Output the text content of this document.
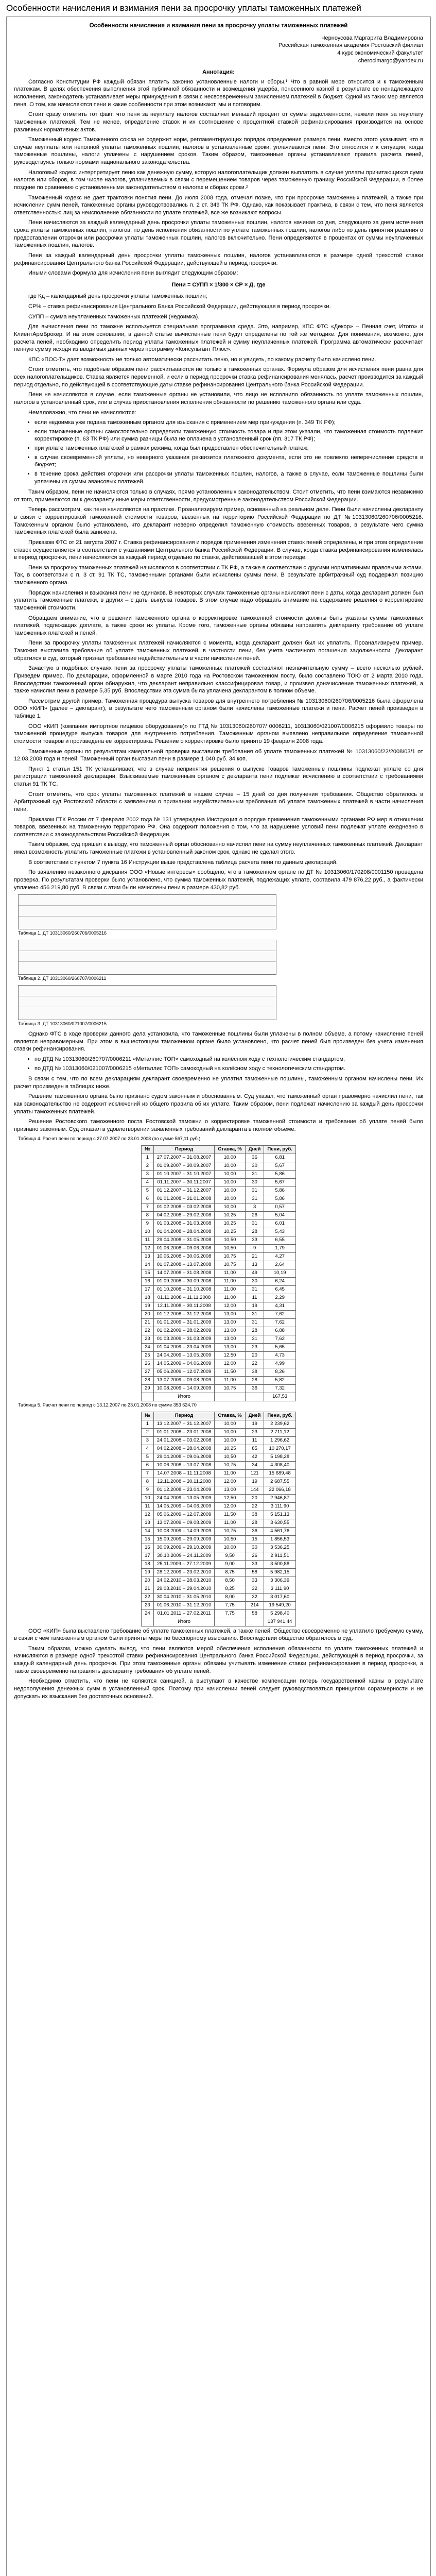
Особенности начисления и взимания пени за просрочку уплаты таможенных платежей
Особенности начисления и взимания пени за просрочку уплаты таможенных платежей

Черноусова Маргарита Владимировна

Российская таможенная академия Ростовский филиал

4 курс экономический факультет

cherocimargo@yandex.ru

Аннотация:

Согласно Конституции РФ каждый обязан платить законно установленные налоги и сборы.¹ Что в равной мере относится и к таможенным платежам. В целях обеспечения выполнения этой публичной обязанности и возмещения ущерба, понесенного казной в результате ее ненадлежащего исполнения, законодатель устанавливает меры принуждения в связи с несвоевременным зачислением платежей в бюджет. Одной из таких мер является пеня. О том, как начисляются пени и какие особенности при этом возникают, мы и поговорим.

Стоит сразу отметить тот факт, что пеня за неуплату налогов составляет меньший процент от суммы задолженности, нежели пеня за неуплату таможенных платежей. Тем не менее, определение ставок и их соотношение с процентной ставкой рефинансирования производится на основе различных нормативных актов.

Таможенный кодекс Таможенного союза не содержит норм, регламентирующих порядок определения размера пени, вместо этого указывает, что в случае неуплаты или неполной уплаты таможенных пошлин, налогов в установленные сроки, уплачиваются пени. Это относится и к ситуации, когда таможенные пошлины, налоги уплачены с нарушением сроков. Таким образом, таможенные органы устанавливают правила расчета пеней, руководствуясь только нормами национального законодательства.

Налоговый кодекс интерпретирует пеню как денежную сумму, которую налогоплательщик должен выплатить в случае уплаты причитающихся сумм налогов или сборов, в том числе налогов, уплачиваемых в связи с перемещением товаров через таможенную границу Российской Федерации, в более поздние по сравнению с установленными законодательством о налогах и сборах сроки.²

Таможенный кодекс не дает трактовки понятия пени. До июля 2008 года, отмечал позже, что при просрочке таможенных платежей, а также при исчислении сумм пеней, таможенные органы руководствовались п. 2 ст. 349 ТК РФ. Однако, как показывает практика, в связи с тем, что пеня является ответственностью лиц за неисполнение обязанности по уплате платежей, все же возникают вопросы.

Пени начисляются за каждый календарный день просрочки уплаты таможенных пошлин, налогов начиная со дня, следующего за днем истечения срока уплаты таможенных пошлин, налогов, по день исполнения обязанности по уплате таможенных пошлин, налогов либо по день принятия решения о предоставлении отсрочки или рассрочки уплаты таможенных пошлин, налогов включительно. Пени определяются в процентах от суммы неуплаченных таможенных пошлин, налогов.

Пени за каждый календарный день просрочки уплаты таможенных пошлин, налогов устанавливаются в размере одной трехсотой ставки рефинансирования Центрального банка Российской Федерации, действующей в период просрочки.

Иными словами формула для исчисления пени выглядит следующим образом:

Пени = СУПП × 1/300 × СР × Д, где

где Кд – календарный день просрочки уплаты таможенных пошлин;

СР% – ставка рефинансирования Центрального Банка Российской Федерации, действующая в период просрочки.

СУПП – сумма неуплаченных таможенных платежей (недоимка).

Для вычисления пени по таможне используется специальная программная среда. Это, например, КПС ФТС «Декор» – Пенная счет, Итого» и КлиентАрмБрокер. И на этом основании, в данной статье вычисленные пени будут определены по той же методике. Для понимания, возможно, для расчета пеней, необходимо определить период уплаты таможенных платежей и сумму неуплаченных платежей. Программа автоматически рассчитает пенную сумму исходя из вводимых данных через программу «Консультант Плюс».

КПС «ПОС-Т» дает возможность не только автоматически рассчитать пеню, но и увидеть, по какому расчету было начислено пени.

Стоит отметить, что подобные образом пени рассчитываются не только в таможенных органах. Формула образом для исчисления пени равна для всех налогоплательщиков. Ставка является переменной, и если в период просрочки ставка рефинансирования менялась, расчет производится за каждый период отдельно, по действующей в соответствующие даты ставке рефинансирования Центрального банка Российской Федерации.

Пени не начисляются в случае, если таможенные органы не установили, что лицо не исполнило обязанность по уплате таможенных пошлин, налогов в установленный срок, или в случае приостановления исполнения обязанности по решению таможенного органа или суда.

Немаловажно, что пени не начисляются:

• если недоимка уже подана таможенным органом для взыскания с применением мер принуждения (п. 349 ТК РФ);
• если таможенные органы самостоятельно определили таможенную стоимость товара и при этом указали, что таможенная стоимость подлежит корректировке (п. 63 ТК РФ) или сумма разницы была не оплачена в установленный срок (пп. 317 ТК РФ);
• при уплате таможенных платежей в рамках режима, когда был предоставлен обеспечительный платеж;
• в случае своевременной уплаты, но неверного указания реквизитов платежного документа, если это не повлекло неперечисление средств в бюджет;
• в течение срока действия отсрочки или рассрочки уплаты таможенных пошлин, налогов, а также в случае, если таможенные пошлины были уплачены из суммы авансовых платежей.

Таким образом, пени не начисляются только в случаях, прямо установленных законодательством. Стоит отметить, что пени взимаются независимо от того, применяются ли к декларанту иные меры ответственности, предусмотренные законодательством Российской Федерации.

Теперь рассмотрим, как пени начисляются на практике. Проанализируем пример, основанный на реальном деле. Пени были начислены декларанту в связи с корректировкой таможенной стоимости товаров, ввезенных на территорию Российской Федерации по ДТ №10313060/260706/0005216. Таможенным органом было установлено, что декларант неверно определил таможенную стоимость ввезенных товаров, в результате чего сумма таможенных платежей была занижена.

Приказом ФТС от 21 августа 2007 г. Ставка рефинансирования и порядок применения изменения ставок пеней определены, и при этом определение ставок осуществляется в соответствии с указаниями Центрального банка Российской Федерации. В случае, когда ставка рефинансирования изменялась в период просрочки, пени начисляются за каждый период отдельно по ставке, действовавшей в этом периоде.

Пени за просрочку таможенных платежей начисляются в соответствии с ТК РФ, а также в соответствии с другими нормативными правовыми актами. Так, в соответствии с п. 3 ст. 91 ТК ТС, таможенными органами были исчислены суммы пени. В результате арбитражный суд поддержал позицию таможенного органа.

Порядок начисления и взыскания пени не одинаков. В некоторых случаях таможенные органы начисляют пени с даты, когда декларант должен был уплатить таможенные платежи, в других – с даты выпуска товаров. В этом случае надо обращать внимание на содержание решения о корректировке таможенной стоимости.

Обращаем внимание, что в решении таможенного органа о корректировке таможенной стоимости должны быть указаны суммы таможенных платежей, подлежащих доплате, а также сроки их уплаты. Кроме того, таможенные органы обязаны направлять декларанту требование об уплате таможенных платежей и пеней.

Пени за просрочку уплаты таможенных платежей начисляются с момента, когда декларант должен был их уплатить. Проанализируем пример. Таможня выставила требование об уплате таможенных платежей, в частности пени, без учета частичного погашения задолженности. Декларант обратился в суд, который признал требование недействительным в части начисления пеней.

Зачастую в подобных случаях пени за просрочку уплаты таможенных платежей составляют незначительную сумму – всего несколько рублей. Приведем пример. По декларации, оформленной в марте 2010 года на Ростовском таможенном посту, было составлено ТОЮ от 2 марта 2010 года. Впоследствии таможенный орган обнаружил, что декларант неправильно классифицировал товар, и произвел доначисление таможенных платежей, а также начислил пени в размере 5,35 руб. Впоследствии эта сумма была уплачена декларантом в полном объеме.

Рассмотрим другой пример. Таможенная процедура выпуска товаров для внутреннего потребления № 10313060/260706/0005216 была оформлена ООО «КИП» (далее – декларант), в результате чего таможенным органом были начислены таможенные платежи и пени. Расчет пеней произведен в таблице 1.

ООО «КИП (компания импортное пищевое оборудование)» по ГТД № 10313060/260707/ 0006211, 10313060/021007/0006215 оформило товары по таможенной процедуре выпуска товаров для внутреннего потребления. Таможенным органом выявлено неправильное определение таможенной стоимости товаров и произведена ее корректировка. Решение о корректировке было принято 19 февраля 2008 года.

Таможенные органы по результатам камеральной проверки выставили требования об уплате таможенных платежей № 10313060/22/2008/03/1 от 12.03.2008 года и пеней. Таможенный орган выставил пени в размере 1 040 руб. 34 коп.

Пункт 1 статьи 151 ТК устанавливает, что в случае непринятия решения о выпуске товаров таможенные пошлины подлежат уплате со дня регистрации таможенной декларации. Взыскиваемые таможенным органом с декларанта пени подлежат исчислению в соответствии с требованиями статьи 91 ТК ТС.

Стоит отметить, что срок уплаты таможенных платежей в нашем случае – 15 дней со дня получения требования. Общество обратилось в Арбитражный суд Ростовской области с заявлением о признании недействительным требования об уплате таможенных платежей в части начисления пени.

Приказом ГТК России от 7 февраля 2002 года № 131 утверждена Инструкция о порядке применения таможенными органами РФ мер в отношении товаров, ввезенных на таможенную территорию РФ. Она содержит положения о том, что за нарушение условий пени подлежат уплате ежедневно в соответствии с законодательством Российской Федерации.

Таким образом, суд пришел к выводу, что таможенный орган обоснованно начислил пени на сумму неуплаченных таможенных платежей. Декларант имел возможность уплатить таможенные платежи в установленный законом срок, однако не сделал этого.

В соответствии с пунктом 7 пункта 16 Инструкции выше представлена таблица расчета пени по данным деклараций.

По заявлению незаконного дисрания ООО «Новые интересы» сообщено, что в таможенном органе по ДТ № 10313060/170208/0001150 проведена проверка. По результатам проверки было установлено, что сумма таможенных платежей, подлежащих уплате, составила 479 876,22 руб., а фактически уплачено 456 219,80 руб. В связи с этим были начислены пени в размере 430,82 руб.

Таблица 1. ДТ 10313060/260706/0005216

Таблица 2. ДТ 10313060/260707/0006211

Таблица 3. ДТ 10313060/021007/0006215

Однако ФТС в ходе проверки данного дела установила, что таможенные пошлины были уплачены в полном объеме, а потому начисление пеней является неправомерным. При этом в вышестоящем таможенном органе было установлено, что расчет пеней был произведен без учета изменения ставки рефинансирования.

• по ДТД № 10313060/260707/0006211 «Металлис ТОП» самоходный на колёсном ходу с технологическим стандартом;
• по ДТД № 10313060/021007/0006215 «Металлис ТОП» самоходный на колёсном ходу с технологическим стандартом.

В связи с тем, что по всем декларациям декларант своевременно не уплатил таможенные пошлины, таможенным органом начислены пени. Их расчет произведен в таблицах ниже.

Решение таможенного органа было признано судом законным и обоснованным. Суд указал, что таможенный орган правомерно начислил пени, так как законодательство не содержит исключений из общего правила об их уплате. Таким образом, пени подлежат начислению за каждый день просрочки уплаты таможенных платежей.

Решение Ростовского таможенного поста Ростовской таможни о корректировке таможенной стоимости и требование об уплате пеней было признано законным. Суд отказал в удовлетворении заявленных требований декларанта в полном объеме.

Таблица 4. Расчет пени по период с 27.07.2007 по 23.01.2008 (по сумме 567,11 руб.)

№	Период	Ставка, %	Дней	Пени, руб.
1	27.07.2007 – 31.08.2007	10,00	36	6,81
2	01.09.2007 – 30.09.2007	10,00	30	5,67
3	01.10.2007 – 31.10.2007	10,00	31	5,86
4	01.11.2007 – 30.11.2007	10,00	30	5,67
5	01.12.2007 – 31.12.2007	10,00	31	5,86
6	01.01.2008 – 31.01.2008	10,00	31	5,86
7	01.02.2008 – 03.02.2008	10,00	3	0,57
8	04.02.2008 – 29.02.2008	10,25	26	5,04
9	01.03.2008 – 31.03.2008	10,25	31	6,01
10	01.04.2008 – 28.04.2008	10,25	28	5,43
11	29.04.2008 – 31.05.2008	10,50	33	6,55
12	01.06.2008 – 09.06.2008	10,50	9	1,79
13	10.06.2008 – 30.06.2008	10,75	21	4,27
14	01.07.2008 – 13.07.2008	10,75	13	2,64
15	14.07.2008 – 31.08.2008	11,00	49	10,19
16	01.09.2008 – 30.09.2008	11,00	30	6,24
17	01.10.2008 – 31.10.2008	11,00	31	6,45
18	01.11.2008 – 11.11.2008	11,00	11	2,29
19	12.11.2008 – 30.11.2008	12,00	19	4,31
20	01.12.2008 – 31.12.2008	13,00	31	7,62
21	01.01.2009 – 31.01.2009	13,00	31	7,62
22	01.02.2009 – 28.02.2009	13,00	28	6,88
23	01.03.2009 – 31.03.2009	13,00	31	7,62
24	01.04.2009 – 23.04.2009	13,00	23	5,65
25	24.04.2009 – 13.05.2009	12,50	20	4,73
26	14.05.2009 – 04.06.2009	12,00	22	4,99
27	05.06.2009 – 12.07.2009	11,50	38	8,26
28	13.07.2009 – 09.08.2009	11,00	28	5,82
29	10.08.2009 – 14.09.2009	10,75	36	7,32
	Итого			167,53

Таблица 5. Расчет пени по период с 13.12.2007 по 23.01.2008 по сумме 353 624,70

№	Период	Ставка, %	Дней	Пени, руб.
1	13.12.2007 – 31.12.2007	10,00	19	2 239,62
2	01.01.2008 – 23.01.2008	10,00	23	2 711,12
3	24.01.2008 – 03.02.2008	10,00	11	1 296,62
4	04.02.2008 – 28.04.2008	10,25	85	10 270,17
5	29.04.2008 – 09.06.2008	10,50	42	5 198,28
6	10.06.2008 – 13.07.2008	10,75	34	4 308,40
7	14.07.2008 – 11.11.2008	11,00	121	15 689,48
8	12.11.2008 – 30.11.2008	12,00	19	2 687,55
9	01.12.2008 – 23.04.2009	13,00	144	22 066,18
10	24.04.2009 – 13.05.2009	12,50	20	2 946,87
11	14.05.2009 – 04.06.2009	12,00	22	3 111,90
12	05.06.2009 – 12.07.2009	11,50	38	5 151,13
13	13.07.2009 – 09.08.2009	11,00	28	3 630,55
14	10.08.2009 – 14.09.2009	10,75	36	4 561,76
15	15.09.2009 – 29.09.2009	10,50	15	1 856,53
16	30.09.2009 – 29.10.2009	10,00	30	3 536,25
17	30.10.2009 – 24.11.2009	9,50	26	2 911,51
18	25.11.2009 – 27.12.2009	9,00	33	3 500,88
19	28.12.2009 – 23.02.2010	8,75	58	5 982,15
20	24.02.2010 – 28.03.2010	8,50	33	3 306,39
21	29.03.2010 – 29.04.2010	8,25	32	3 111,90
22	30.04.2010 – 31.05.2010	8,00	32	3 017,60
23	01.06.2010 – 31.12.2010	7,75	214	19 549,20
24	01.01.2011 – 27.02.2011	7,75	58	5 298,40
	Итого			137 941,44

ООО «КИП» была выставлено требование об уплате таможенных платежей, а также пеней. Общество своевременно не уплатило требуемую сумму, в связи с чем таможенным органом были приняты меры по бесспорному взысканию. Впоследствии общество обратилось в суд.

Таким образом, можно сделать вывод, что пени являются мерой обеспечения исполнения обязанности по уплате таможенных платежей и начисляются в размере одной трехсотой ставки рефинансирования Центрального банка Российской Федерации, действующей в период просрочки, за каждый календарный день просрочки. При этом таможенные органы обязаны учитывать изменение ставки рефинансирования в период просрочки, а также своевременно направлять декларанту требования об уплате пеней.

Необходимо отметить, что пени не являются санкцией, а выступают в качестве компенсации потерь государственной казны в результате недополучения денежных сумм в установленный срок. Поэтому при начислении пеней следует руководствоваться принципом соразмерности и не допускать их взыскания без достаточных оснований.
